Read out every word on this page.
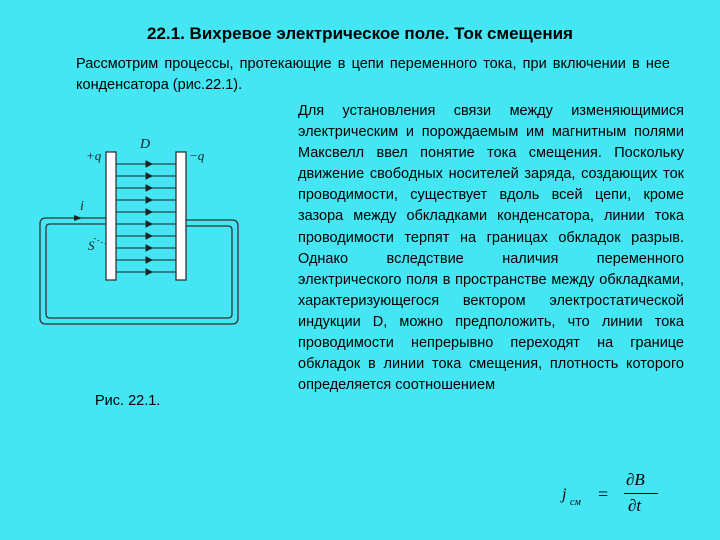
22.1. Вихревое электрическое поле. Ток смещения
Рассмотрим процессы, протекающие в цепи переменного тока, при включении в нее конденсатора (рис.22.1).
Для установления связи между изменяющимися электрическим и порождаемым им магнитным полями Максвелл ввел понятие тока смещения. Поскольку движение свободных носителей заряда, создающих ток проводимости, существует вдоль всей цепи, кроме зазора между обкладками конденсатора, линии тока проводимости терпят на границах обкладок разрыв. Однако вследствие наличия переменного электрического поля в пространстве между обкладками, характеризующегося вектором электростатической индукции D, можно предположить, что линии тока проводимости непрерывно переходят на границе обкладок в линии тока смещения, плотность которого определяется соотношением
+q	−q
D
i
S
Рис. 22.1.
j см =
∂B
∂t
